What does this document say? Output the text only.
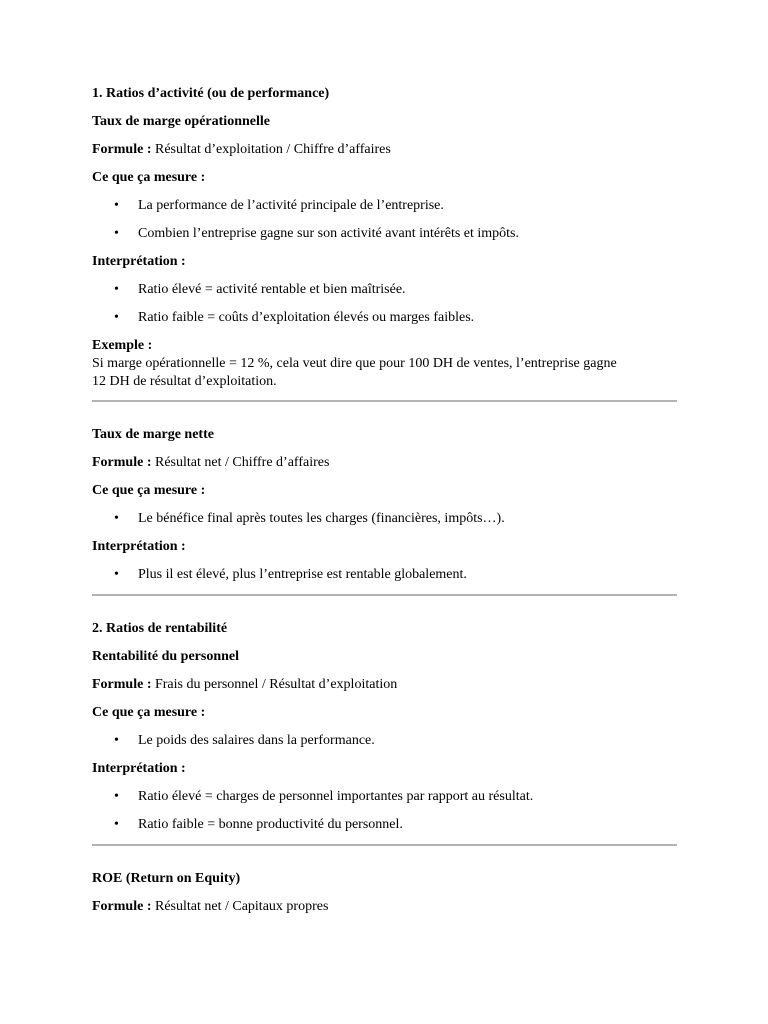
1. Ratios d’activité (ou de performance)

Taux de marge opérationnelle

Formule : Résultat d’exploitation / Chiffre d’affaires

Ce que ça mesure :

• La performance de l’activité principale de l’entreprise.
• Combien l’entreprise gagne sur son activité avant intérêts et impôts.

Interprétation :

• Ratio élevé = activité rentable et bien maîtrisée.
• Ratio faible = coûts d’exploitation élevés ou marges faibles.

Exemple :

Si marge opérationnelle = 12 %, cela veut dire que pour 100 DH de ventes, l’entreprise gagne

12 DH de résultat d’exploitation.

Taux de marge nette

Formule : Résultat net / Chiffre d’affaires

Ce que ça mesure :

• Le bénéfice final après toutes les charges (financières, impôts…).

Interprétation :

• Plus il est élevé, plus l’entreprise est rentable globalement.

2. Ratios de rentabilité

Rentabilité du personnel

Formule : Frais du personnel / Résultat d’exploitation

Ce que ça mesure :

• Le poids des salaires dans la performance.

Interprétation :

• Ratio élevé = charges de personnel importantes par rapport au résultat.
• Ratio faible = bonne productivité du personnel.

ROE (Return on Equity)

Formule : Résultat net / Capitaux propres
